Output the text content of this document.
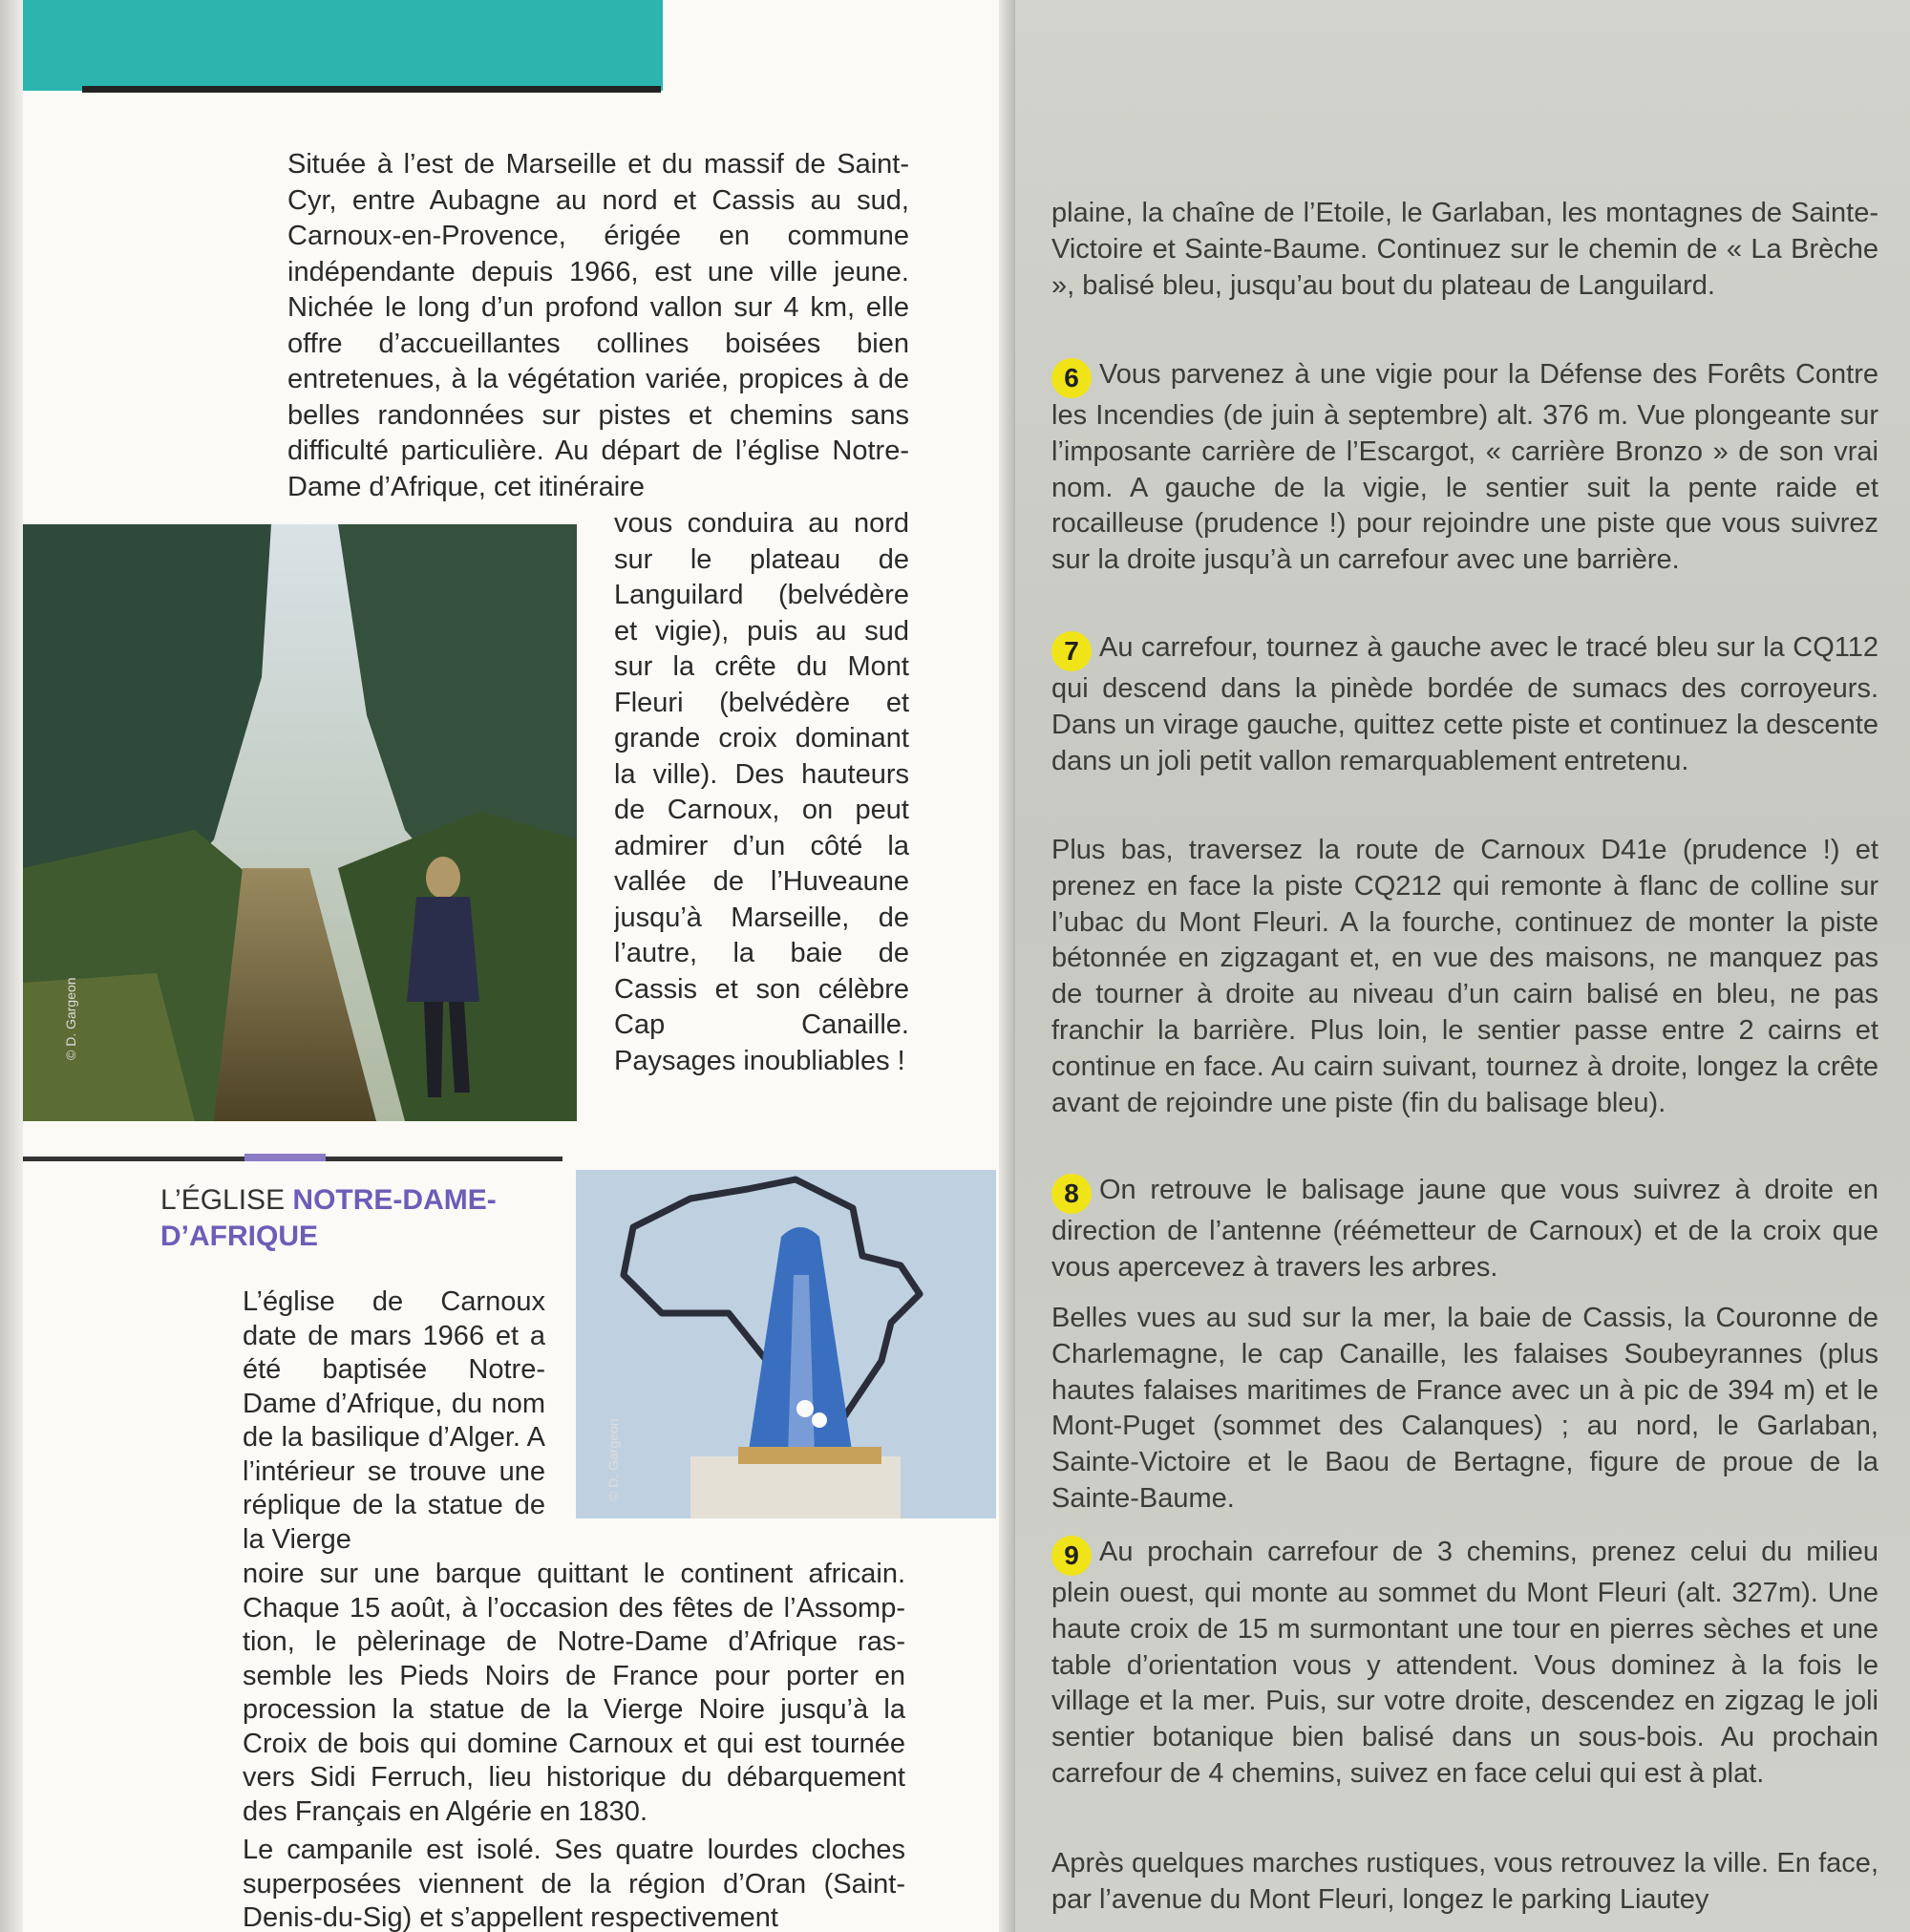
Située à l’est de Marseille et du massif de Saint-Cyr, entre Aubagne au nord et Cassis au sud, Carnoux-en-Provence, érigée en commune indépendante depuis 1966, est une ville jeune. Nichée le long d’un profond vallon sur 4 km, elle offre d’accueillantes collines boisées bien entretenues, à la végétation variée, propices à de belles randonnées sur pistes et chemins sans difficulté particulière. Au départ de l’église Notre-Dame d’Afrique, cet itinéraire

© D. Gargeon

vous conduira au nord sur le plateau de Languilard (belvédère et vigie), puis au sud sur la crête du Mont Fleuri (belvédère et grande croix dominant la ville). Des hauteurs de Carnoux, on peut admirer d’un côté la vallée de l’Huveaune jusqu’à Marseille, de l’autre, la baie de Cassis et son célèbre Cap Canaille. Paysages inoubliables !

L’ÉGLISE NOTRE-DAME-
D’AFRIQUE
© D. Gargeon

L’église de Carnoux date de mars 1966 et a été baptisée Notre-Dame d’Afrique, du nom de la basilique d’Alger. A l’intérieur se trouve une réplique de la statue de la Vierge

noire sur une barque quittant le continent africain. Chaque 15 août, à l’occasion des fêtes de l’Assomp-tion, le pèlerinage de Notre-Dame d’Afrique ras-semble les Pieds Noirs de France pour porter en procession la statue de la Vierge Noire jusqu’à la Croix de bois qui domine Carnoux et qui est tournée vers Sidi Ferruch, lieu historique du débarquement des Français en Algérie en 1830.

Le campanile est isolé. Ses quatre lourdes cloches superposées viennent de la région d’Oran (Saint-Denis-du-Sig) et s’appellent respectivement

plaine, la chaîne de l’Etoile, le Garlaban, les montagnes de Sainte-Victoire et Sainte-Baume. Continuez sur le chemin de « La Brèche », balisé bleu, jusqu’au bout du plateau de Languilard.

6 Vous parvenez à une vigie pour la Défense des Forêts Contre les Incendies (de juin à septembre) alt. 376 m. Vue plongeante sur l’imposante carrière de l’Escargot, « carrière Bronzo » de son vrai nom. A gauche de la vigie, le sentier suit la pente raide et rocailleuse (prudence !) pour rejoindre une piste que vous suivrez sur la droite jusqu’à un carrefour avec une barrière.

7 Au carrefour, tournez à gauche avec le tracé bleu sur la CQ112 qui descend dans la pinède bordée de sumacs des corroyeurs. Dans un virage gauche, quittez cette piste et continuez la descente dans un joli petit vallon remarquablement entretenu.

Plus bas, traversez la route de Carnoux D41e (prudence !) et prenez en face la piste CQ212 qui remonte à flanc de colline sur l’ubac du Mont Fleuri. A la fourche, continuez de monter la piste bétonnée en zigzagant et, en vue des maisons, ne manquez pas de tourner à droite au niveau d’un cairn balisé en bleu, ne pas franchir la barrière. Plus loin, le sentier passe entre 2 cairns et continue en face. Au cairn suivant, tournez à droite, longez la crête avant de rejoindre une piste (fin du balisage bleu).

8 On retrouve le balisage jaune que vous suivrez à droite en direction de l’antenne (réémetteur de Carnoux) et de la croix que vous apercevez à travers les arbres.

Belles vues au sud sur la mer, la baie de Cassis, la Couronne de Charlemagne, le cap Canaille, les falaises Soubeyrannes (plus hautes falaises maritimes de France avec un à pic de 394 m) et le Mont-Puget (sommet des Calanques) ; au nord, le Garlaban, Sainte-Victoire et le Baou de Bertagne, figure de proue de la Sainte-Baume.

9 Au prochain carrefour de 3 chemins, prenez celui du milieu plein ouest, qui monte au sommet du Mont Fleuri (alt. 327m). Une haute croix de 15 m surmontant une tour en pierres sèches et une table d’orientation vous y attendent. Vous dominez à la fois le village et la mer. Puis, sur votre droite, descendez en zigzag le joli sentier botanique bien balisé dans un sous-bois. Au prochain carrefour de 4 chemins, suivez en face celui qui est à plat.

Après quelques marches rustiques, vous retrouvez la ville. En face, par l’avenue du Mont Fleuri, longez le parking Liautey
